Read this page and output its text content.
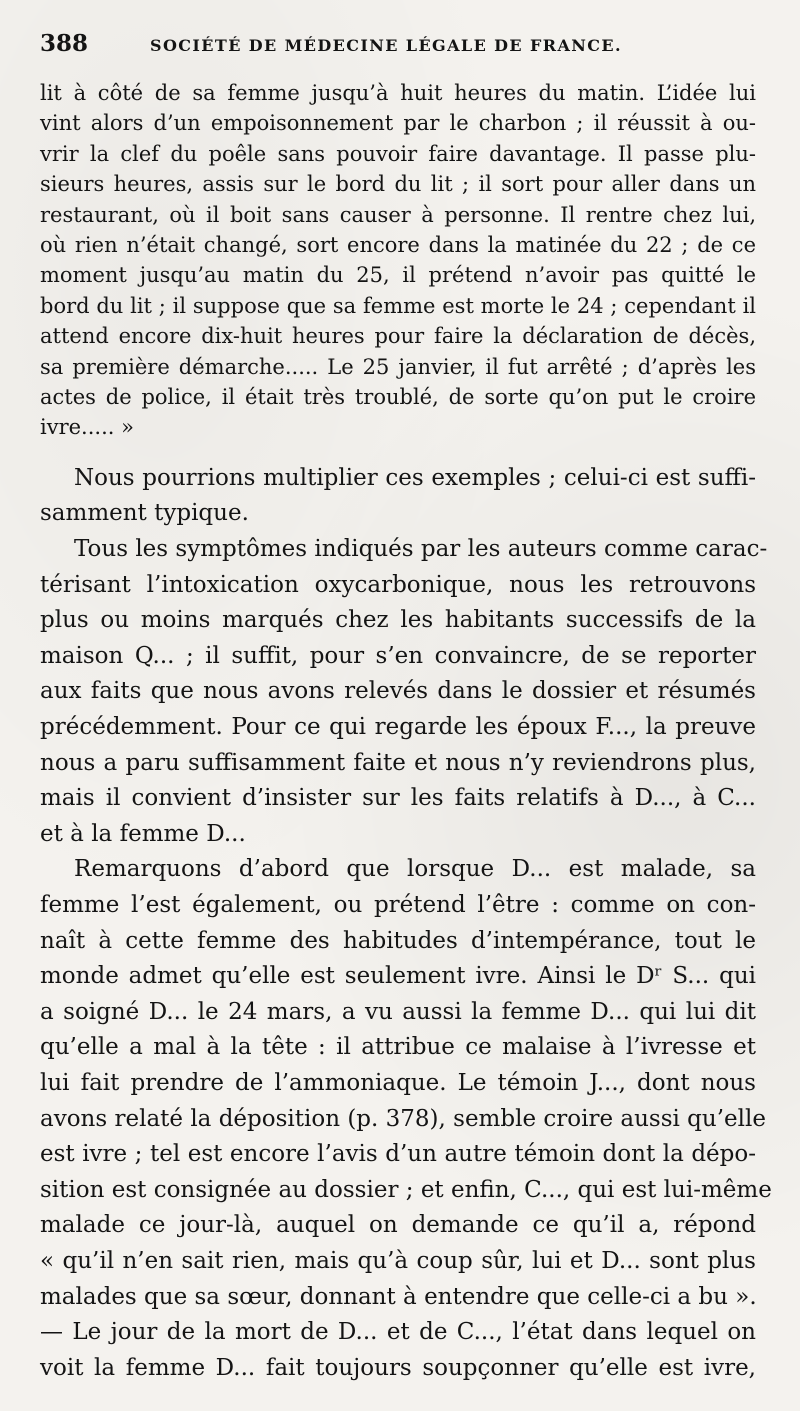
388	SOCIÉTÉ DE MÉDECINE LÉGALE DE FRANCE.
lit à côté de sa femme jusqu’à huit heures du matin. L’idée lui
vint alors d’un empoisonnement par le charbon ; il réussit à ou-
vrir la clef du poêle sans pouvoir faire davantage. Il passe plu-
sieurs heures, assis sur le bord du lit ; il sort pour aller dans un
restaurant, où il boit sans causer à personne. Il rentre chez lui,
où rien n’était changé, sort encore dans la matinée du 22 ; de ce
moment jusqu’au matin du 25, il prétend n’avoir pas quitté le
bord du lit ; il suppose que sa femme est morte le 24 ; cependant il
attend encore dix-huit heures pour faire la déclaration de décès,
sa première démarche..... Le 25 janvier, il fut arrêté ; d’après les
actes de police, il était très troublé, de sorte qu’on put le croire
ivre..... »

Nous pourrions multiplier ces exemples ; celui-ci est suffi-
samment typique.

Tous les symptômes indiqués par les auteurs comme carac-
térisant l’intoxication oxycarbonique, nous les retrouvons
plus ou moins marqués chez les habitants successifs de la
maison Q... ; il suffit, pour s’en convaincre, de se reporter
aux faits que nous avons relevés dans le dossier et résumés
précédemment. Pour ce qui regarde les époux F..., la preuve
nous a paru suffisamment faite et nous n’y reviendrons plus,
mais il convient d’insister sur les faits relatifs à D..., à C...
et à la femme D...

Remarquons d’abord que lorsque D... est malade, sa
femme l’est également, ou prétend l’être : comme on con-
naît à cette femme des habitudes d’intempérance, tout le
monde admet qu’elle est seulement ivre. Ainsi le Dʳ S... qui
a soigné D... le 24 mars, a vu aussi la femme D... qui lui dit
qu’elle a mal à la tête : il attribue ce malaise à l’ivresse et
lui fait prendre de l’ammoniaque. Le témoin J..., dont nous
avons relaté la déposition (p. 378), semble croire aussi qu’elle
est ivre ; tel est encore l’avis d’un autre témoin dont la dépo-
sition est consignée au dossier ; et enfin, C..., qui est lui-même
malade ce jour-là, auquel on demande ce qu’il a, répond
« qu’il n’en sait rien, mais qu’à coup sûr, lui et D... sont plus
malades que sa sœur, donnant à entendre que celle-ci a bu ».
— Le jour de la mort de D... et de C..., l’état dans lequel on
voit la femme D... fait toujours soupçonner qu’elle est ivre,
